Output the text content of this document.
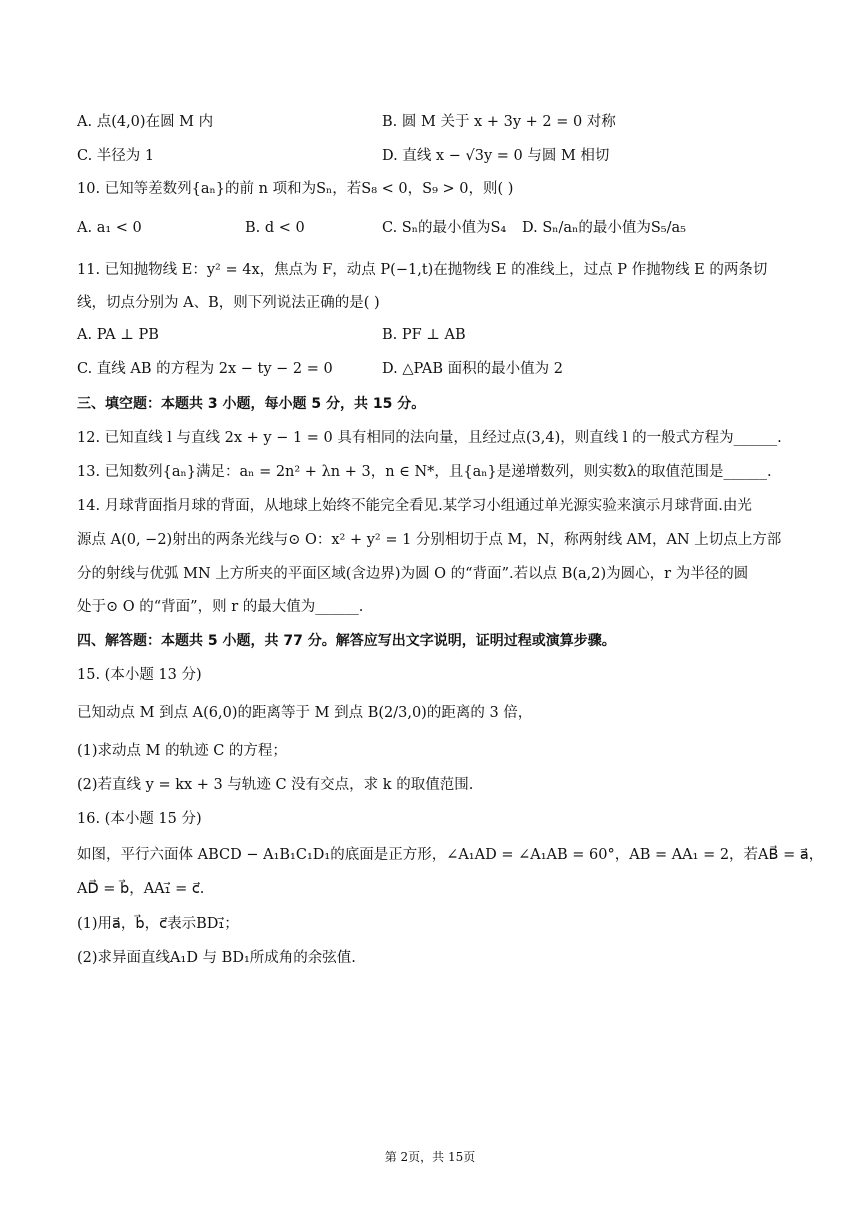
A. 点(4,0)在圆 M 内	B. 圆 M 关于 x + 3y + 2 = 0 对称
C. 半径为 1	D. 直线 x − √3y = 0 与圆 M 相切
10. 已知等差数列{aₙ}的前 n 项和为Sₙ，若S₈ < 0，S₉ > 0，则( )
A. a₁ < 0	B. d < 0	C. Sₙ的最小值为S₄ D. Sₙ/aₙ的最小值为S₅/a₅
11. 已知抛物线 E：y² = 4x，焦点为 F，动点 P(−1,t)在抛物线 E 的准线上，过点 P 作抛物线 E 的两条切
线，切点分别为 A、B，则下列说法正确的是( )
A. PA ⊥ PB	B. PF ⊥ AB
C. 直线 AB 的方程为 2x − ty − 2 = 0	D. △PAB 面积的最小值为 2
三、填空题：本题共 3 小题，每小题 5 分，共 15 分。
12. 已知直线 l 与直线 2x + y − 1 = 0 具有相同的法向量，且经过点(3,4)，则直线 l 的一般式方程为______.
13. 已知数列{aₙ}满足：aₙ = 2n² + λn + 3，n ∈ N*，且{aₙ}是递增数列，则实数λ的取值范围是______.
14. 月球背面指月球的背面，从地球上始终不能完全看见.某学习小组通过单光源实验来演示月球背面.由光
源点 A(0, −2)射出的两条光线与⊙ O：x² + y² = 1 分别相切于点 M，N，称两射线 AM，AN 上切点上方部
分的射线与优弧 MN 上方所夹的平面区域(含边界)为圆 O 的“背面”.若以点 B(a,2)为圆心，r 为半径的圆
处于⊙ O 的“背面”，则 r 的最大值为______.
四、解答题：本题共 5 小题，共 77 分。解答应写出文字说明，证明过程或演算步骤。
15. (本小题 13 分)
已知动点 M 到点 A(6,0)的距离等于 M 到点 B(2/3,0)的距离的 3 倍，
(1)求动点 M 的轨迹 C 的方程；
(2)若直线 y = kx + 3 与轨迹 C 没有交点，求 k 的取值范围.
16. (本小题 15 分)
如图，平行六面体 ABCD − A₁B₁C₁D₁的底面是正方形，∠A₁AD = ∠A₁AB = 60°，AB = AA₁ = 2，若AB⃗ = a⃗，
AD⃗ = b⃗，AA₁⃗ = c⃗.
(1)用a⃗，b⃗，c⃗表示BD₁⃗；
(2)求异面直线A₁D 与 BD₁所成角的余弦值.
第 2页，共 15页
